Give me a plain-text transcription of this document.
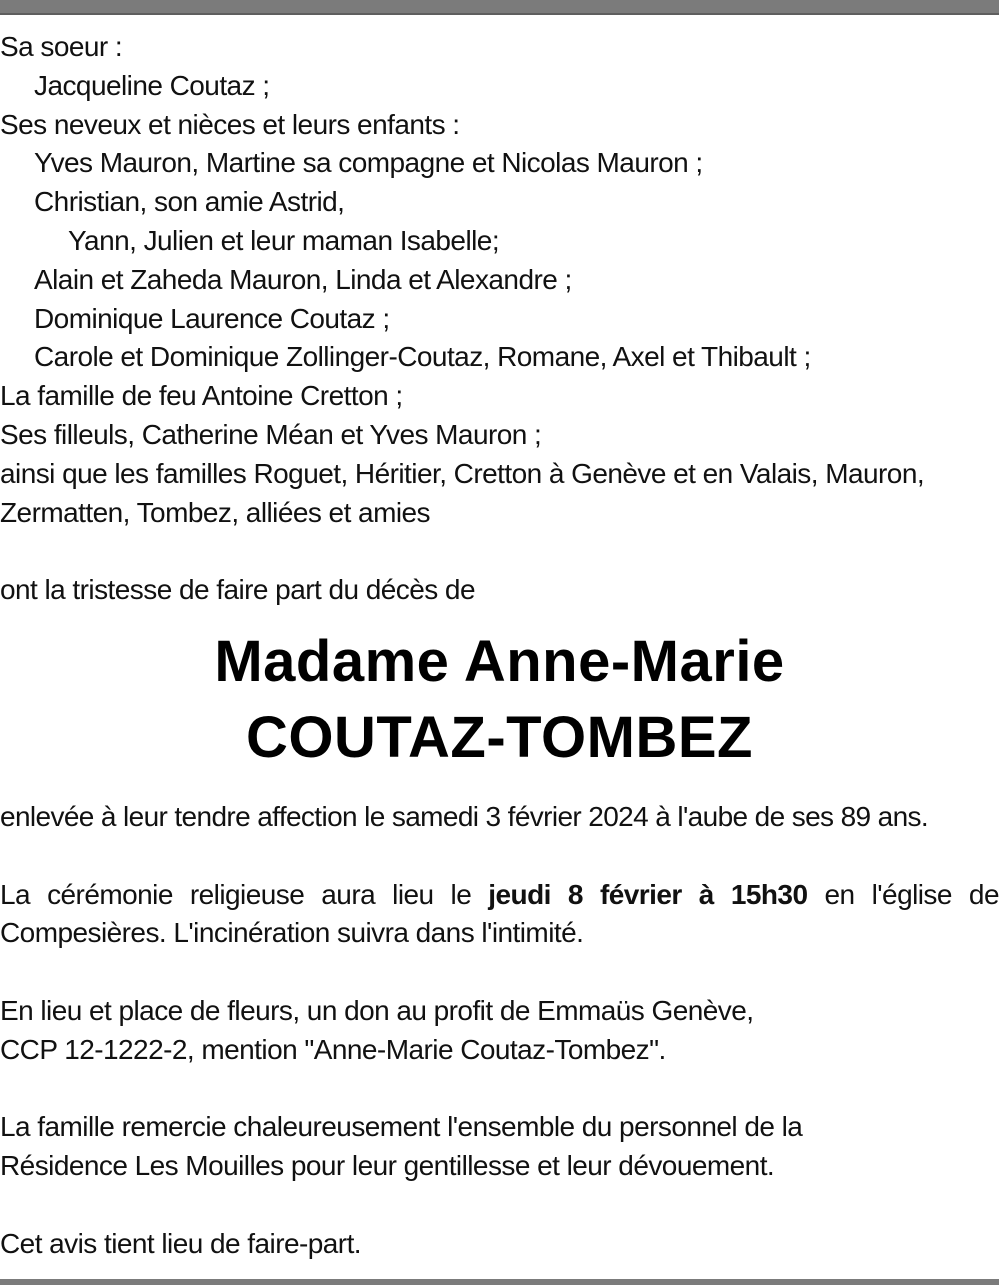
Sa soeur :
Jacqueline Coutaz ;
Ses neveux et nièces et leurs enfants :
Yves Mauron, Martine sa compagne et Nicolas Mauron ;
Christian, son amie Astrid,
Yann, Julien et leur maman Isabelle;
Alain et Zaheda Mauron, Linda et Alexandre ;
Dominique Laurence Coutaz ;
Carole et Dominique Zollinger-Coutaz, Romane, Axel et Thibault ;
La famille de feu Antoine Cretton ;
Ses filleuls, Catherine Méan et Yves Mauron ;
ainsi que les familles Roguet, Héritier, Cretton à Genève et en Valais, Mauron,
Zermatten, Tombez, alliées et amies
ont la tristesse de faire part du décès de
Madame Anne-Marie
COUTAZ-TOMBEZ
enlevée à leur tendre affection le samedi 3 février 2024 à l'aube de ses 89 ans.
La cérémonie religieuse aura lieu le jeudi 8 février à 15h30 en l'église de
Compesières. L'incinération suivra dans l'intimité.
En lieu et place de fleurs, un don au profit de Emmaüs Genève,
CCP 12-1222-2, mention "Anne-Marie Coutaz-Tombez".
La famille remercie chaleureusement l'ensemble du personnel de la
Résidence Les Mouilles pour leur gentillesse et leur dévouement.
Cet avis tient lieu de faire-part.
